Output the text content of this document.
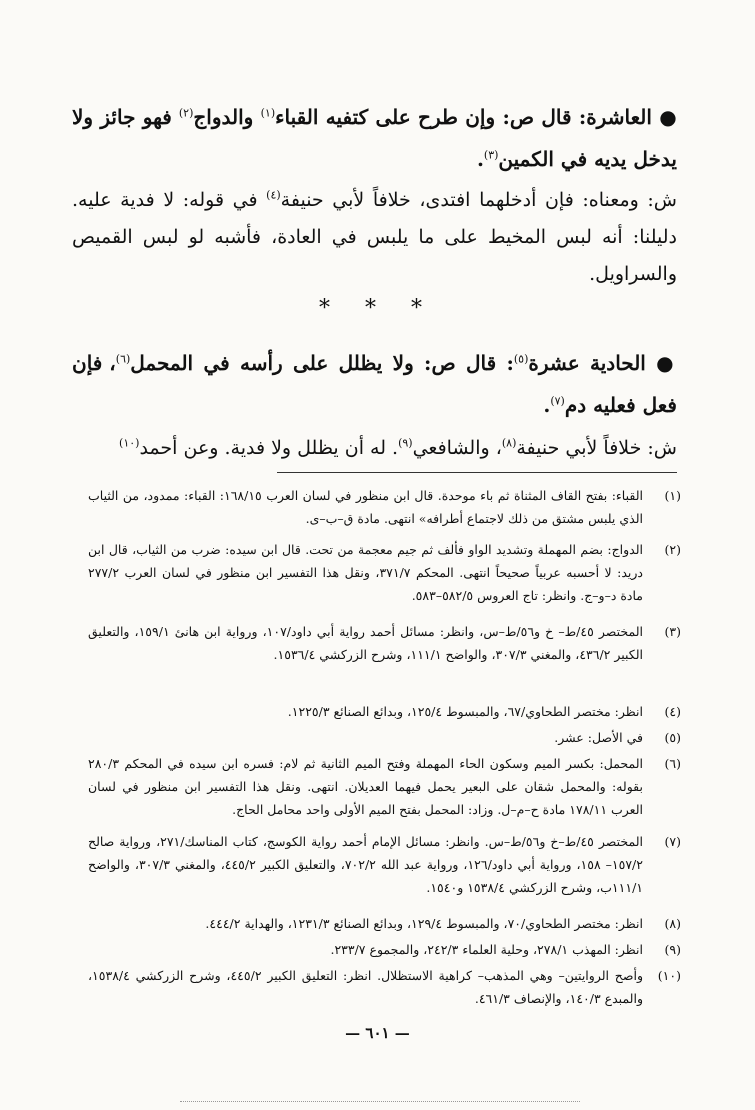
● العاشرة: قال ص: وإن طرح على كتفيه القباء$^{(١)}$ والدواج$^{(٢)}$ فهو جائز ولا يدخل يديه في الكمين$^{(٣)}$.
ش: ومعناه: فإن أدخلهما افتدى، خلافاً لأبي حنيفة$^{(٤)}$ في قوله: لا فدية عليه. دليلنا: أنه لبس المخيط على ما يلبس في العادة، فأشبه لو لبس القميص والسراويل.
* * *
● الحادية عشرة$^{(٥)}$: قال ص: ولا يظلل على رأسه في المحمل$^{(٦)}$، فإن فعل فعليه دم$^{(٧)}$.
ش: خلافاً لأبي حنيفة$^{(٨)}$، والشافعي$^{(٩)}$. له أن يظلل ولا فدية. وعن أحمد$^{(١٠)}$
(١)
القباء: بفتح القاف المثناة ثم باء موحدة. قال ابن منظور في لسان العرب ١٦٨/١٥: القباء: ممدود، من الثياب الذي يلبس مشتق من ذلك لاجتماع أطرافه» انتهى. مادة ق–ب–ى.
(٢)
الدواج: بضم المهملة وتشديد الواو فألف ثم جيم معجمة من تحت. قال ابن سيده: ضرب من الثياب، قال ابن دريد: لا أحسبه عربياً صحيحاً انتهى. المحكم ٣٧١/٧، ونقل هذا التفسير ابن منظور في لسان العرب ٢٧٧/٢ مادة د–و–ج. وانظر: تاج العروس ٥٨٢/٥–٥٨٣.
(٣)
المختصر ٤٥/ط– خ و٥٦/ط–س، وانظر: مسائل أحمد رواية أبي داود/١٠٧، ورواية ابن هانئ ١٥٩/١، والتعليق الكبير ٤٣٦/٢، والمغني ٣٠٧/٣، والواضح ١١١/١، وشرح الزركشي ١٥٣٦/٤.
(٤)
انظر: مختصر الطحاوي/٦٧، والمبسوط ١٢٥/٤، وبدائع الصنائع ١٢٢٥/٣.
(٥)
في الأصل: عشر.
(٦)
المحمل: بكسر الميم وسكون الحاء المهملة وفتح الميم الثانية ثم لام: فسره ابن سيده في المحكم ٢٨٠/٣ بقوله: والمحمل شقان على البعير يحمل فيهما العديلان. انتهى. ونقل هذا التفسير ابن منظور في لسان العرب ١٧٨/١١ مادة ح–م–ل. وزاد: المحمل بفتح الميم الأولى واحد محامل الحاج.
(٧)
المختصر ٤٥/ط–خ و٥٦/ط–س. وانظر: مسائل الإمام أحمد رواية الكوسج، كتاب المناسك/٢٧١، ورواية صالح ١٥٧/٢– ١٥٨، ورواية أبي داود/١٢٦، ورواية عبد الله ٧٠٢/٢، والتعليق الكبير ٤٤٥/٢، والمغني ٣٠٧/٣، والواضح ١١١/١ب، وشرح الزركشي ١٥٣٨/٤ و١٥٤٠.
(٨)
انظر: مختصر الطحاوي/٧٠، والمبسوط ١٢٩/٤، وبدائع الصنائع ١٢٣١/٣، والهداية ٤٤٤/٢.
(٩)
انظر: المهذب ٢٧٨/١، وحلية العلماء ٢٤٢/٣، والمجموع ٢٣٣/٧.
(١٠)
وأصح الروايتين– وهي المذهب– كراهية الاستظلال. انظر: التعليق الكبير ٤٤٥/٢، وشرح الزركشي ١٥٣٨/٤، والمبدع ١٤٠/٣، والإنصاف ٤٦١/٣.
— ٦٠١ —
